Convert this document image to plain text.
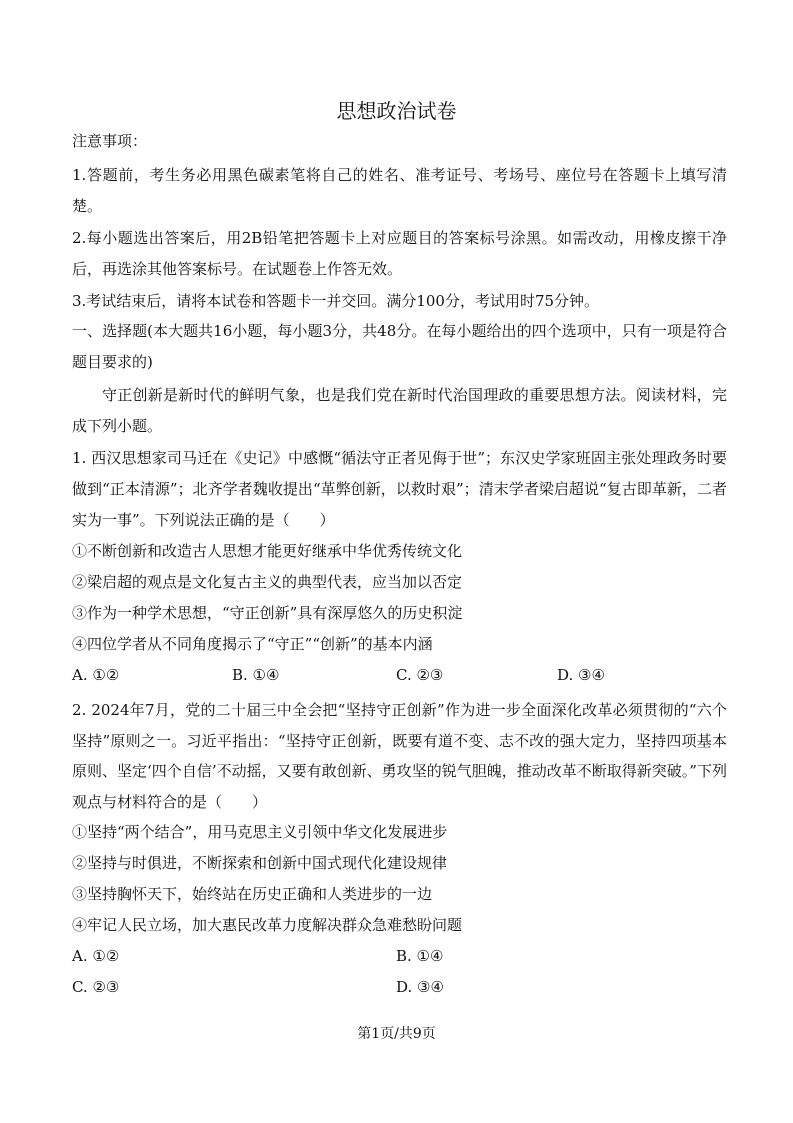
思想政治试卷
注意事项：
1.答题前，考生务必用黑色碳素笔将自己的姓名、准考证号、考场号、座位号在答题卡上填写清楚。
2.每小题选出答案后，用2B铅笔把答题卡上对应题目的答案标号涂黑。如需改动，用橡皮擦干净后，再选涂其他答案标号。在试题卷上作答无效。
3.考试结束后，请将本试卷和答题卡一并交回。满分100分，考试用时75分钟。
一、选择题(本大题共16小题，每小题3分，共48分。在每小题给出的四个选项中，只有一项是符合题目要求的)
守正创新是新时代的鲜明气象，也是我们党在新时代治国理政的重要思想方法。阅读材料，完成下列小题。
1. 西汉思想家司马迁在《史记》中感慨“循法守正者见侮于世”；东汉史学家班固主张处理政务时要做到“正本清源”；北齐学者魏收提出“革弊创新，以救时艰”；清末学者梁启超说“复古即革新，二者实为一事”。下列说法正确的是（　　）
①不断创新和改造古人思想才能更好继承中华优秀传统文化
②梁启超的观点是文化复古主义的典型代表，应当加以否定
③作为一种学术思想，“守正创新”具有深厚悠久的历史积淀
④四位学者从不同角度揭示了“守正”“创新”的基本内涵
A. ①②	B. ①④	C. ②③	D. ③④
2. 2024年7月，党的二十届三中全会把“坚持守正创新”作为进一步全面深化改革必须贯彻的“六个坚持”原则之一。习近平指出：“坚持守正创新，既要有道不变、志不改的强大定力，坚持四项基本原则、坚定‘四个自信’不动摇，又要有敢创新、勇攻坚的锐气胆魄，推动改革不断取得新突破。”下列观点与材料符合的是（　　）
①坚持“两个结合”，用马克思主义引领中华文化发展进步
②坚持与时俱进，不断探索和创新中国式现代化建设规律
③坚持胸怀天下，始终站在历史正确和人类进步的一边
④牢记人民立场，加大惠民改革力度解决群众急难愁盼问题
A. ①②	B. ①④
C. ②③	D. ③④
第1页/共9页
